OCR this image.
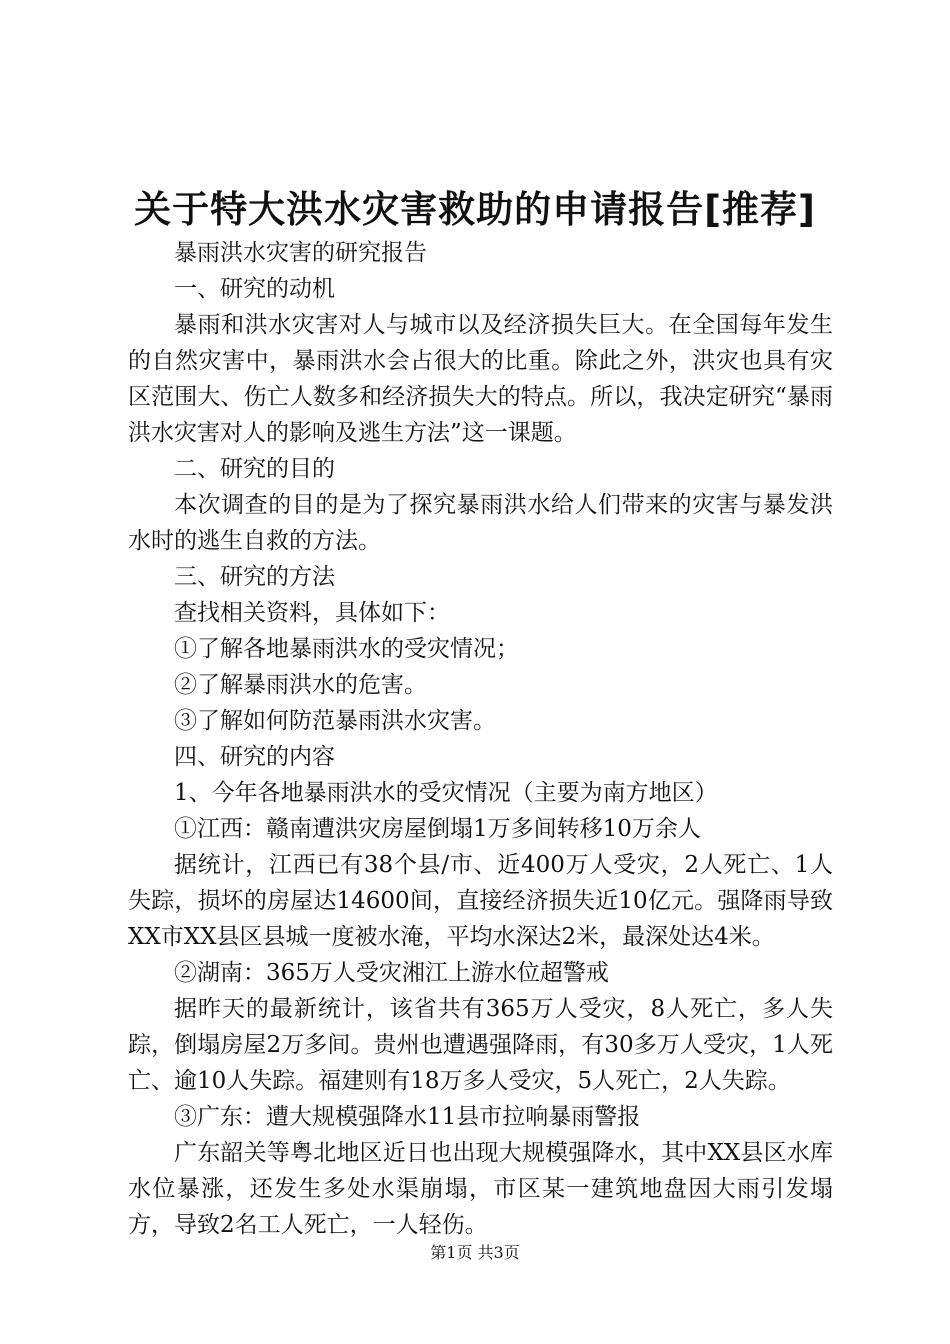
关于特大洪水灾害救助的申请报告[推荐]

暴雨洪水灾害的研究报告

一、研究的动机

暴雨和洪水灾害对人与城市以及经济损失巨大。在全国每年发生的自然灾害中，暴雨洪水会占很大的比重。除此之外，洪灾也具有灾区范围大、伤亡人数多和经济损失大的特点。所以，我决定研究“暴雨洪水灾害对人的影响及逃生方法”这一课题。

二、研究的目的

本次调查的目的是为了探究暴雨洪水给人们带来的灾害与暴发洪水时的逃生自救的方法。

三、研究的方法

查找相关资料，具体如下：

①了解各地暴雨洪水的受灾情况；

②了解暴雨洪水的危害。

③了解如何防范暴雨洪水灾害。

四、研究的内容

1、今年各地暴雨洪水的受灾情况（主要为南方地区）

①江西：赣南遭洪灾房屋倒塌1万多间转移10万余人

据统计，江西已有38个县/市、近400万人受灾，2人死亡、1人失踪，损坏的房屋达14600间，直接经济损失近10亿元。强降雨导致XX市XX县区县城一度被水淹，平均水深达2米，最深处达4米。

②湖南：365万人受灾湘江上游水位超警戒

据昨天的最新统计，该省共有365万人受灾，8人死亡，多人失踪，倒塌房屋2万多间。贵州也遭遇强降雨，有30多万人受灾，1人死亡、逾10人失踪。福建则有18万多人受灾，5人死亡，2人失踪。

③广东：遭大规模强降水11县市拉响暴雨警报

广东韶关等粤北地区近日也出现大规模强降水，其中XX县区水库水位暴涨，还发生多处水渠崩塌，市区某一建筑地盘因大雨引发塌方，导致2名工人死亡，一人轻伤。

第1页 共3页
